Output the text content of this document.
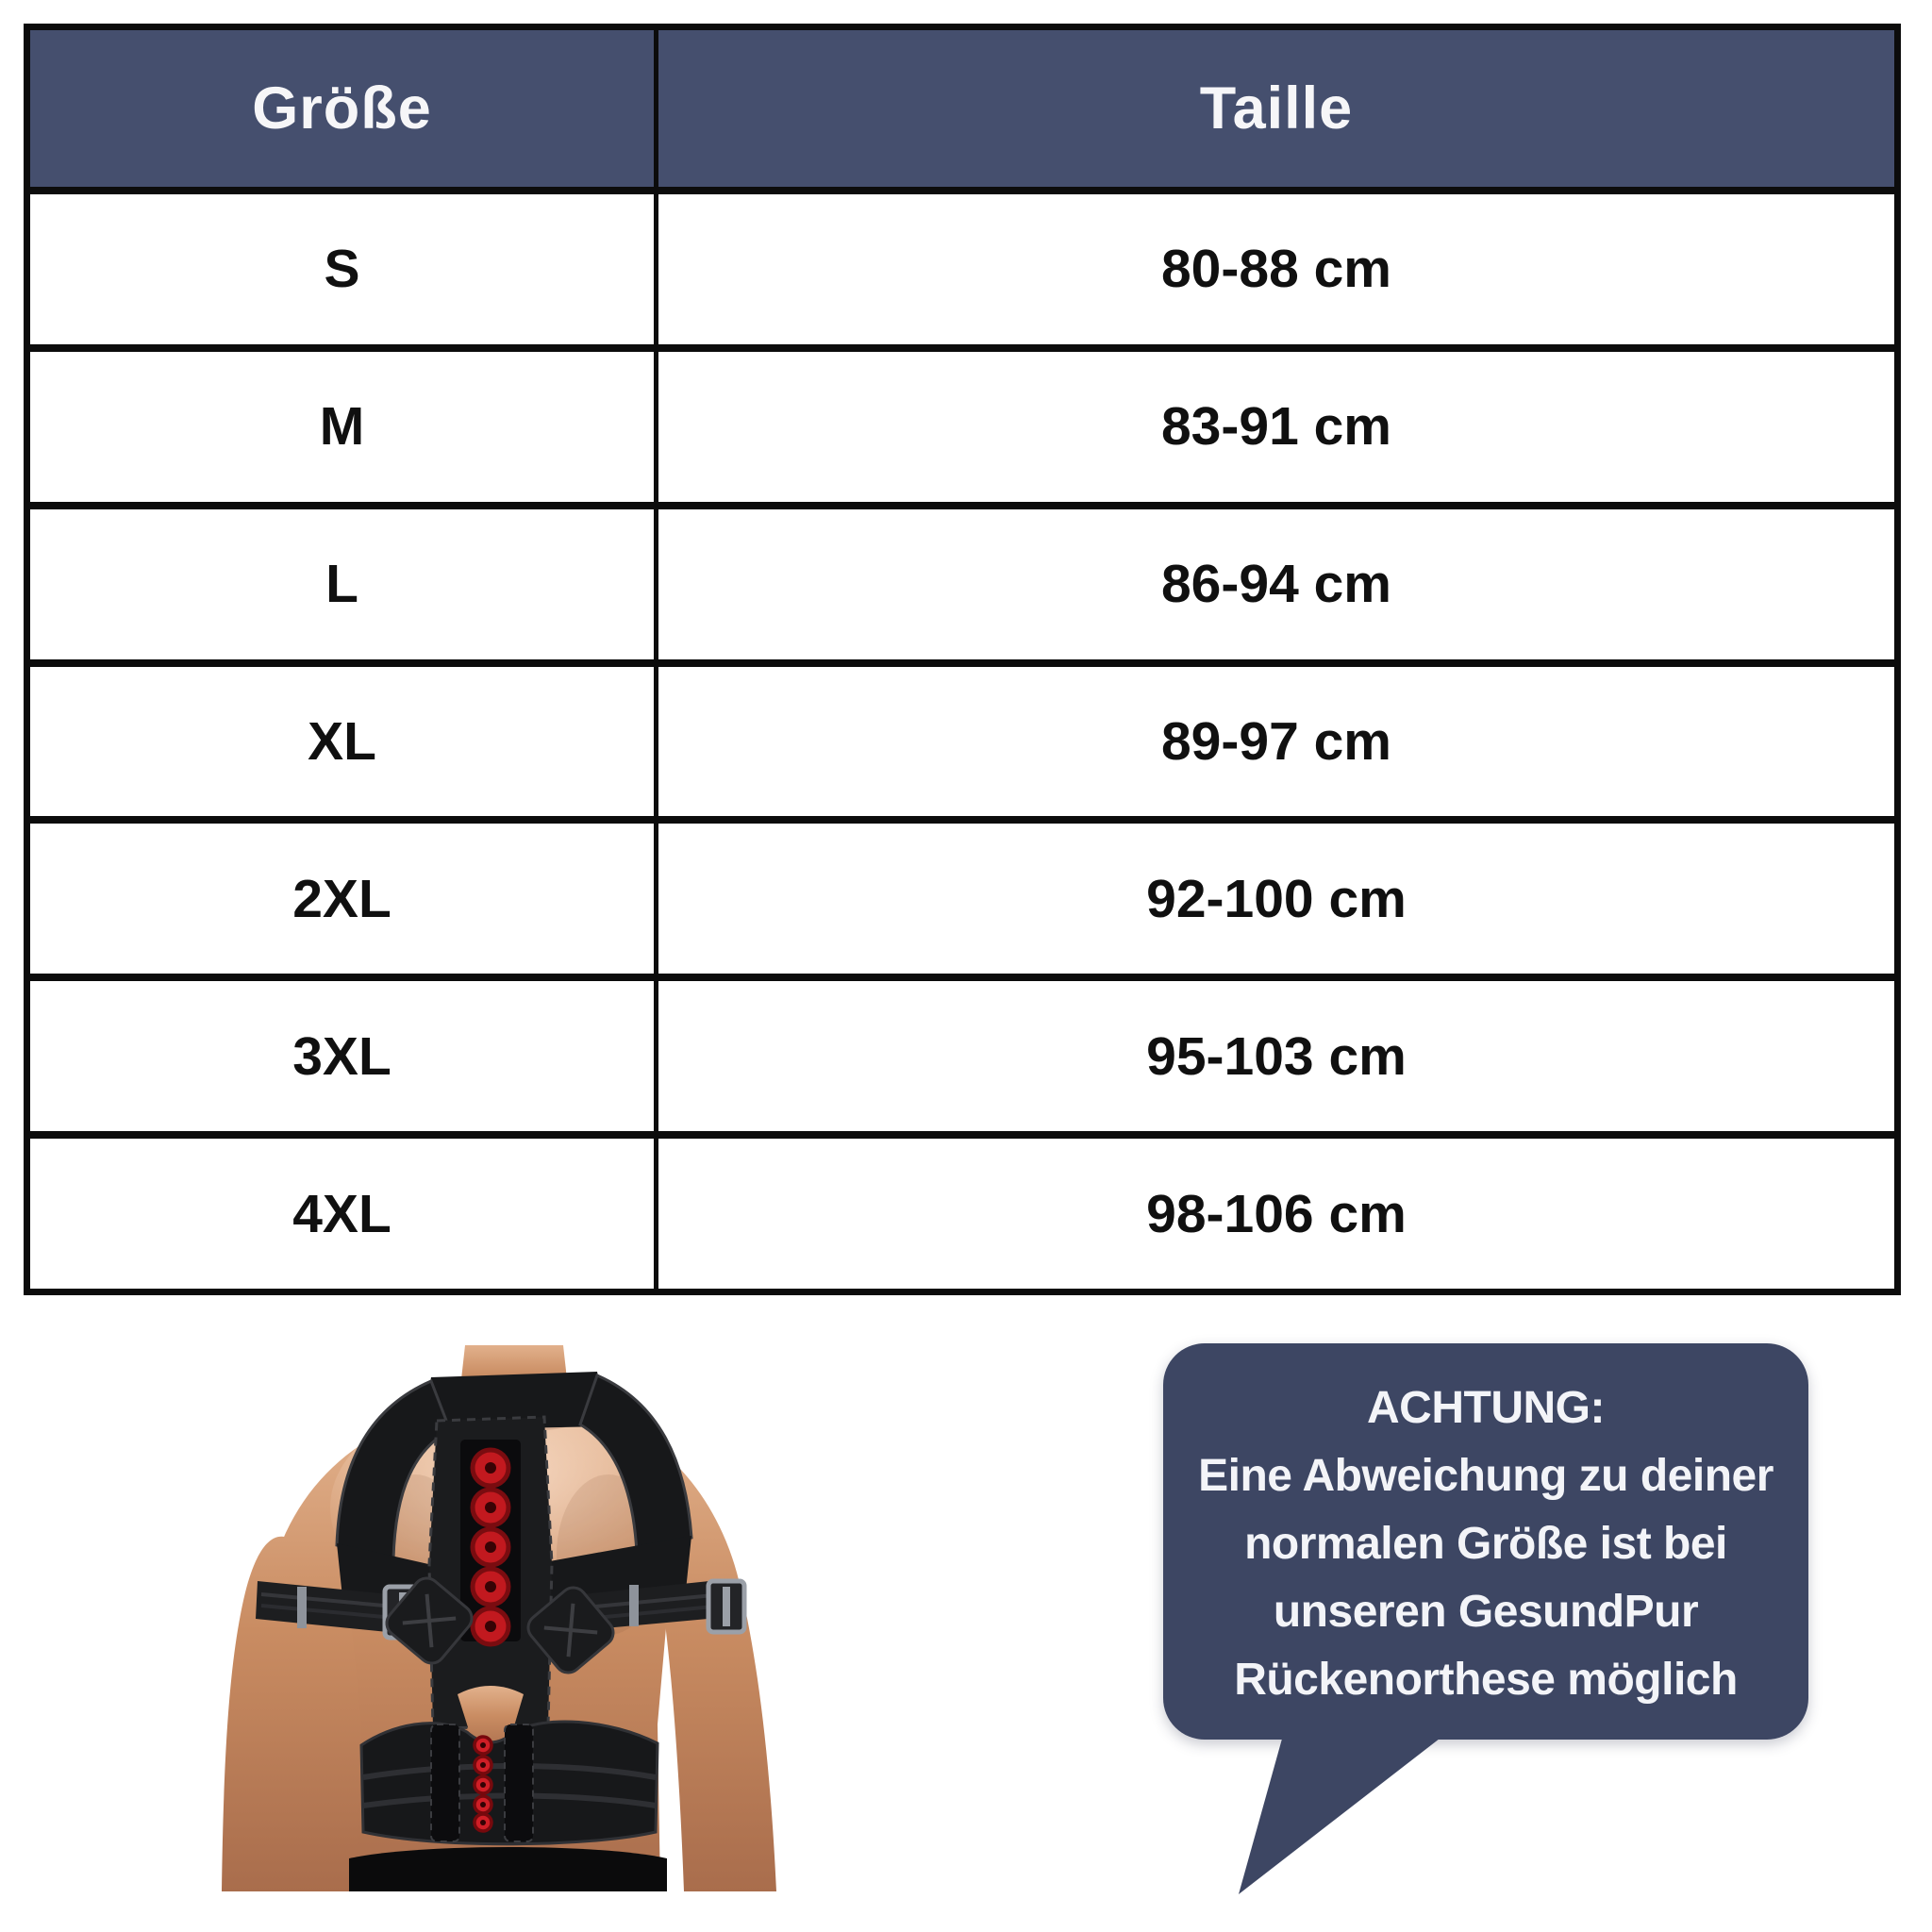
Größe	Taille
S	80-88 cm
M	83-91 cm
L	86-94 cm
XL	89-97 cm
2XL	92-100 cm
3XL	95-103 cm
4XL	98-106 cm
ACHTUNG:
Eine Abweichung zu deiner
normalen Größe ist bei
unseren GesundPur
Rückenorthese möglich
